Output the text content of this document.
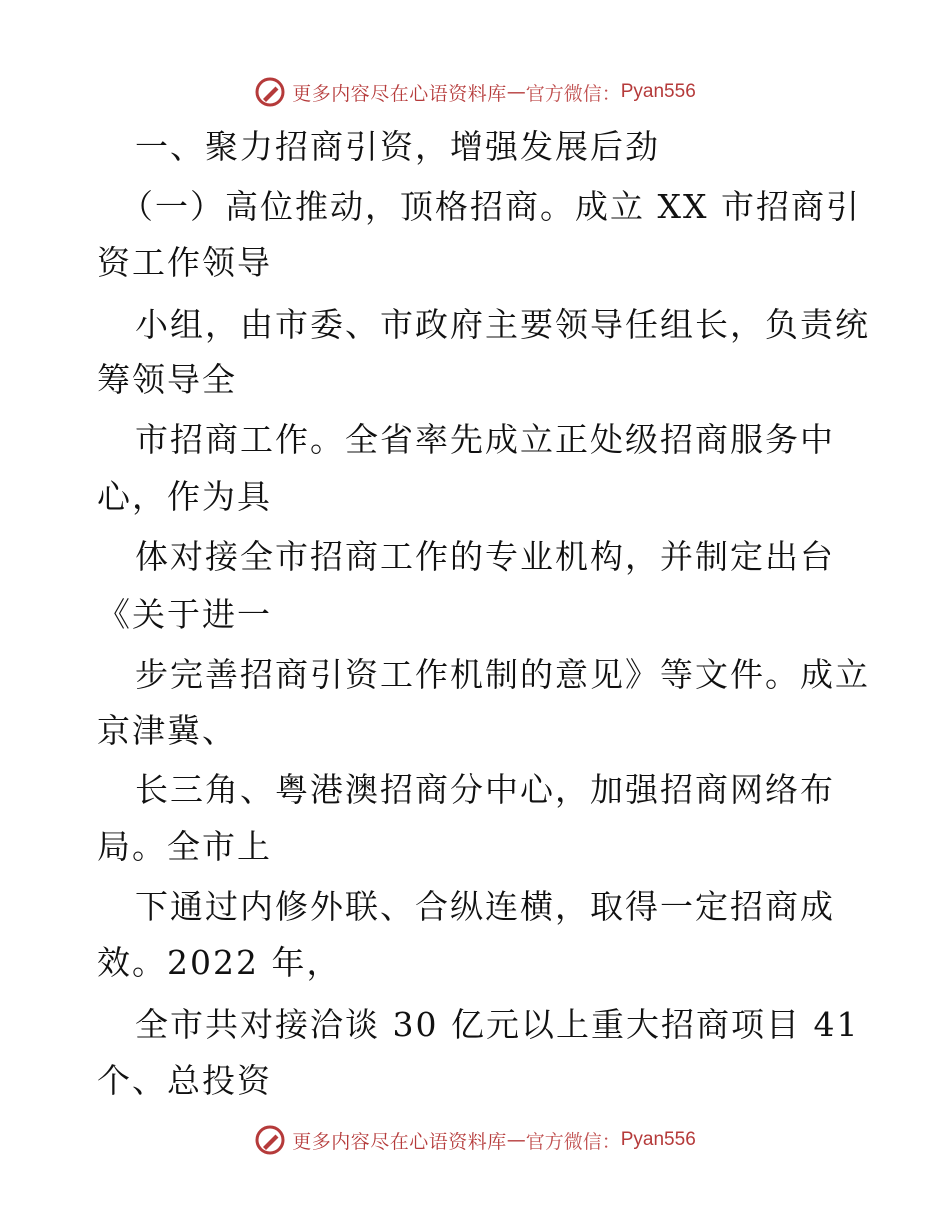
更多内容尽在心语资料库 — 官方微信： Pyan556
一、聚力招商引资，增强发展后劲
（一）高位推动，顶格招商。成立 XX 市招商引
资工作领导
小组，由市委、市政府主要领导任组长，负责统
筹领导全
市招商工作。全省率先成立正处级招商服务中
心，作为具
体对接全市招商工作的专业机构，并制定出台
《关于进一
步完善招商引资工作机制的意见》等文件。成立
京津冀、
长三角、粤港澳招商分中心，加强招商网络布
局。全市上
下通过内修外联、合纵连横，取得一定招商成
效。2022 年，
全市共对接洽谈 30 亿元以上重大招商项目 41
个、总投资
更多内容尽在心语资料库 — 官方微信： Pyan556
